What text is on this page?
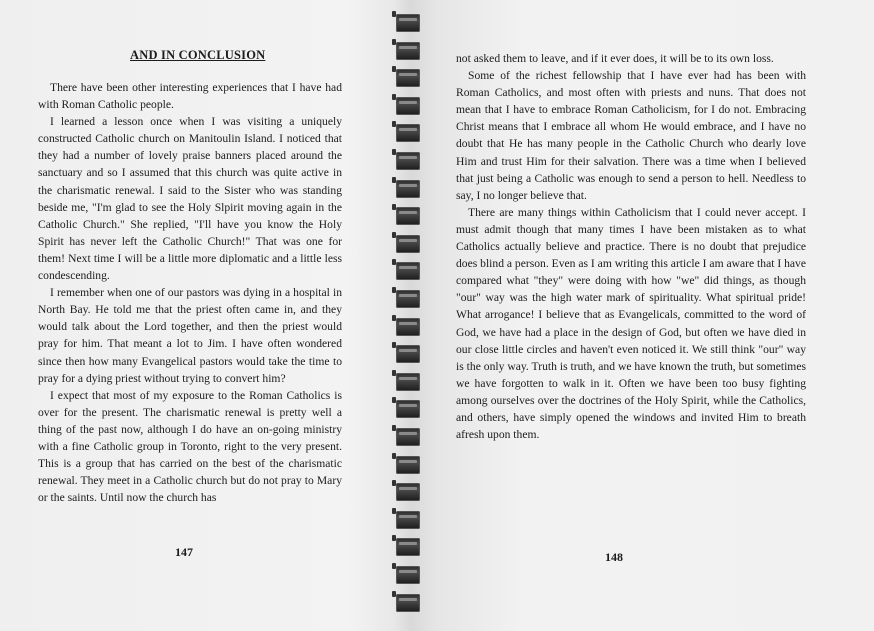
AND IN CONCLUSION

There have been other interesting experiences that I have had with Roman Catholic people.

I learned a lesson once when I was visiting a uniquely constructed Catholic church on Manitoulin Island. I noticed that they had a number of lovely praise banners placed around the sanctuary and so I assumed that this church was quite active in the charismatic renewal. I said to the Sister who was standing beside me, "I'm glad to see the Holy Slpirit moving again in the Catholic Church." She replied, "I'll have you know the Holy Spirit has never left the Catholic Church!" That was one for them! Next time I will be a little more diplomatic and a little less condescending.

I remember when one of our pastors was dying in a hospital in North Bay. He told me that the priest often came in, and they would talk about the Lord together, and then the priest would pray for him. That meant a lot to Jim. I have often wondered since then how many Evangelical pastors would take the time to pray for a dying priest without trying to convert him?

I expect that most of my exposure to the Roman Catholics is over for the present. The charismatic renewal is pretty well a thing of the past now, although I do have an on-going ministry with a fine Catholic group in Toronto, right to the very present. This is a group that has carried on the best of the charismatic renewal. They meet in a Catholic church but do not pray to Mary or the saints. Until now the church has

147

not asked them to leave, and if it ever does, it will be to its own loss.

Some of the richest fellowship that I have ever had has been with Roman Catholics, and most often with priests and nuns. That does not mean that I have to embrace Roman Catholicism, for I do not. Embracing Christ means that I embrace all whom He would embrace, and I have no doubt that He has many people in the Catholic Church who dearly love Him and trust Him for their salvation. There was a time when I believed that just being a Catholic was enough to send a person to hell. Needless to say, I no longer believe that.

There are many things within Catholicism that I could never accept. I must admit though that many times I have been mistaken as to what Catholics actually believe and practice. There is no doubt that prejudice does blind a person. Even as I am writing this article I am aware that I have compared what "they" were doing with how "we" did things, as though "our" way was the high water mark of spirituality. What spiritual pride! What arrogance! I believe that as Evangelicals, committed to the word of God, we have had a place in the design of God, but often we have died in our close little circles and haven't even noticed it. We still think "our" way is the only way. Truth is truth, and we have known the truth, but sometimes we have forgotten to walk in it. Often we have been too busy fighting among ourselves over the doctrines of the Holy Spirit, while the Catholics, and others, have simply opened the windows and invited Him to breath afresh upon them.

148
